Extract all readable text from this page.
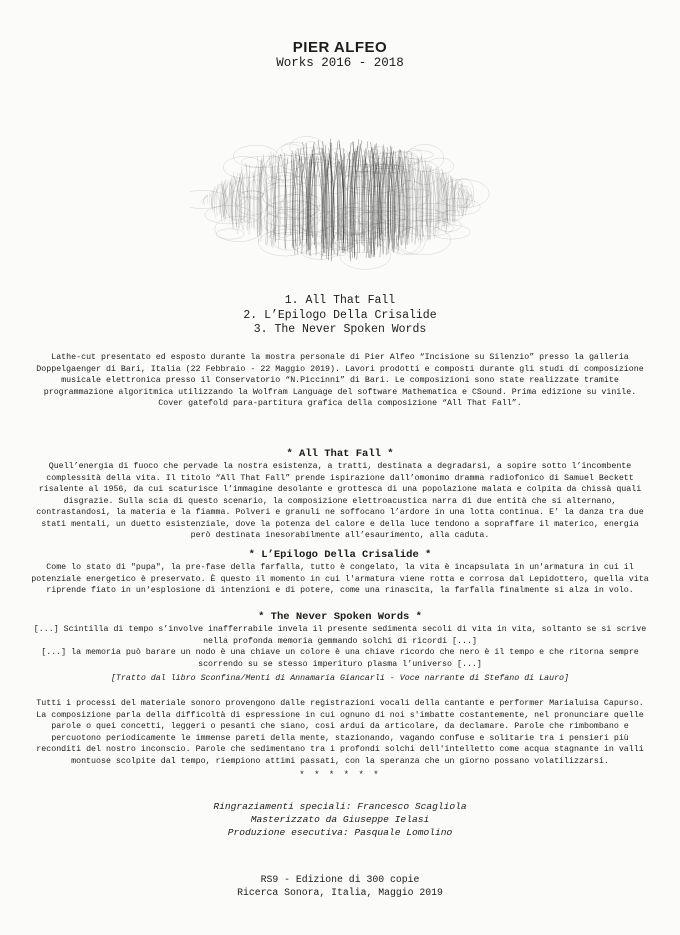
PIER ALFEO
Works 2016 - 2018
1. All That Fall
2. L’Epilogo Della Crisalide
3. The Never Spoken Words

Lathe-cut presentato ed esposto durante la mostra personale di Pier Alfeo “Incisione su Silenzio” presso la galleria Doppelgaenger di Bari, Italia (22 Febbraio - 22 Maggio 2019). Lavori prodotti e composti durante gli studi di composizione musicale elettronica presso il Conservatorio “N.Piccinni” di Bari. Le composizioni sono state realizzate tramite programmazione algoritmica utilizzando la Wolfram Language del software Mathematica e CSound. Prima edizione su vinile. Cover gatefold para-partitura grafica della composizione “All That Fall”.

* All That Fall *

Quell’energia di fuoco che pervade la nostra esistenza, a tratti, destinata a degradarsi, a sopire sotto l’incombente complessità della vita. Il titolo “All That Fall” prende ispirazione dall’omonimo dramma radiofonico di Samuel Beckett risalente al 1956, da cui scaturisce l’immagine desolante e grottesca di una popolazione malata e colpita da chissà quali disgrazie. Sulla scia di questo scenario, la composizione elettroacustica narra di due entità che si alternano, contrastandosi, la materia e la fiamma. Polveri e granuli ne soffocano l’ardore in una lotta continua. E’ la danza tra due stati mentali, un duetto esistenziale, dove la potenza del calore e della luce tendono a sopraffare il materico, energia però destinata inesorabilmente all’esaurimento, alla caduta.

* L’Epilogo Della Crisalide *

Come lo stato di "pupa", la pre-fase della farfalla, tutto è congelato, la vita è incapsulata in un'armatura in cui il potenziale energetico è preservato. È questo il momento in cui l'armatura viene rotta e corrosa dal Lepidottero, quella vita riprende fiato in un'esplosione di intenzioni e di potere, come una rinascita, la farfalla finalmente si alza in volo.

* The Never Spoken Words *

[...] Scintilla di tempo s’involve inafferrabile invela il presente sedimenta secoli di vita in vita, soltanto se si scrive nella profonda memoria gemmando solchi di ricordi [...]

[...] la memoria può barare un nodo è una chiave un colore è una chiave ricordo che nero è il tempo e che ritorna sempre scorrendo su se stesso imperituro plasma l’universo [...]

[Tratto dal libro Sconfina/Menti di Annamaria Giancarli - Voce narrante di Stefano di Lauro]

Tutti i processi del materiale sonoro provengono dalle registrazioni vocali della cantante e performer Marialuisa Capurso. La composizione parla della difficoltà di espressione in cui ognuno di noi s'imbatte costantemente, nel pronunciare quelle parole o quei concetti, leggeri o pesanti che siano, così ardui da articolare, da declamare. Parole che rimbombano e percuotono periodicamente le immense pareti della mente, stazionando, vagando confuse e solitarie tra i pensieri più reconditi del nostro inconscio. Parole che sedimentano tra i profondi solchi dell'intelletto come acqua stagnante in valli montuose scolpite dal tempo, riempiono attimi passati, con la speranza che un giorno possano volatilizzarsi.

* * * * * *
Ringraziamenti speciali: Francesco Scagliola
Masterizzato da Giuseppe Ielasi
Produzione esecutiva: Pasquale Lomolino
RS9 - Edizione di 300 copie
Ricerca Sonora, Italia, Maggio 2019
